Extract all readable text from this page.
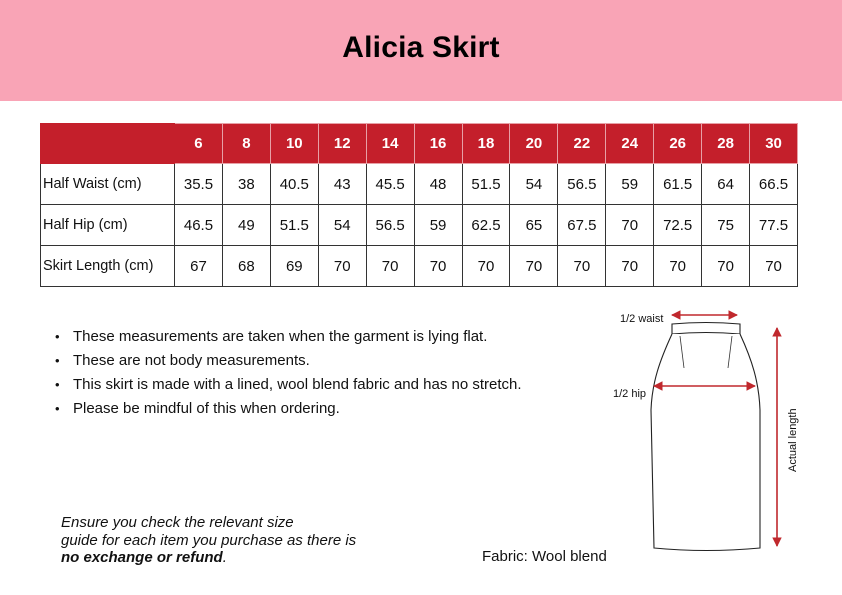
Alicia Skirt
	6	8	10	12	14	16	18	20	22	24	26	28	30
Half Waist (cm)	35.5	38	40.5	43	45.5	48	51.5	54	56.5	59	61.5	64	66.5
Half Hip (cm)	46.5	49	51.5	54	56.5	59	62.5	65	67.5	70	72.5	75	77.5
Skirt Length (cm)	67	68	69	70	70	70	70	70	70	70	70	70	70
• These measurements are taken when the garment is lying flat.
• These are not body measurements.
• This skirt is made with a lined, wool blend fabric and has no stretch.
• Please be mindful of this when ordering.
Ensure you check the relevant size
guide for each item you purchase as there is
no exchange or refund.	Fabric: Wool blend
1/2 waist
1/2 hip
Actual length
